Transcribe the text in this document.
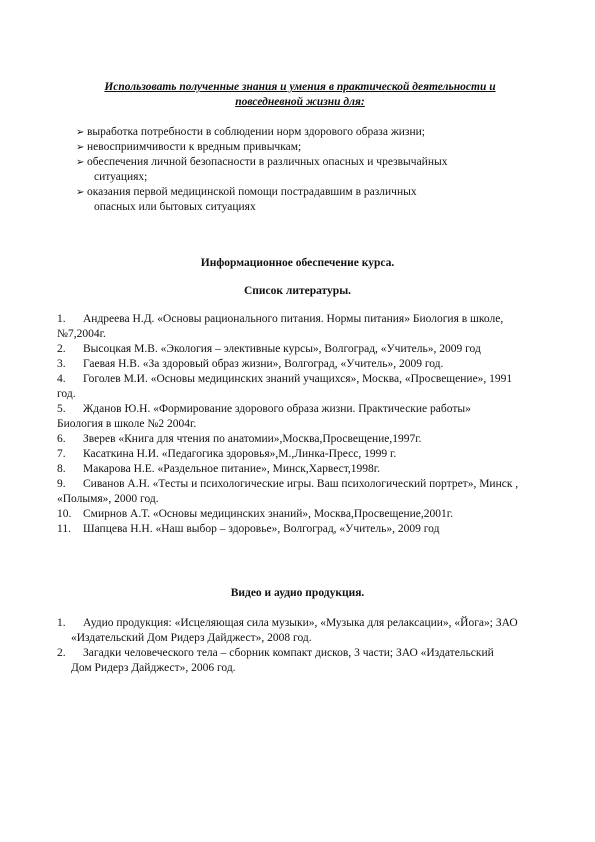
Использовать полученные знания и умения в практической деятельности и
повседневной жизни для:
➢ выработка потребности в соблюдении норм здорового образа жизни;
➢ невосприимчивости к вредным привычкам;
➢ обеспечения личной безопасности в различных опасных и чрезвычайных
ситуациях;
➢ оказания первой медицинской помощи пострадавшим в различных
опасных или бытовых ситуациях
Информационное обеспечение курса.
Список литературы.
1. Андреева Н.Д. «Основы рационального питания. Нормы питания» Биология в школе,
№7,2004г.
2. Высоцкая М.В. «Экология – элективные курсы», Волгоград, «Учитель», 2009 год
3. Гаевая Н.В. «За здоровый образ жизни», Волгоград, «Учитель», 2009 год.
4. Гоголев М.И. «Основы медицинских знаний учащихся», Москва, «Просвещение», 1991
год.
5. Жданов Ю.Н. «Формирование здорового образа жизни. Практические работы»
Биология в школе №2 2004г.
6. Зверев «Книга для чтения по анатомии»,Москва,Просвещение,1997г.
7. Касаткина Н.И. «Педагогика здоровья»,М.,Линка-Пресс, 1999 г.
8. Макарова Н.Е. «Раздельное питание», Минск,Харвест,1998г.
9. Сиванов А.Н. «Тесты и психологические игры. Ваш психологический портрет», Минск ,
«Полымя», 2000 год.
10. Смирнов А.Т. «Основы медицинских знаний», Москва,Просвещение,2001г.
11. Шапцева Н.Н. «Наш выбор – здоровье», Волгоград, «Учитель», 2009 год
Видео и аудио продукция.
1. Аудио продукция: «Исцеляющая сила музыки», «Музыка для релаксации», «Йога»; ЗАО
«Издательский Дом Ридерз Дайджест», 2008 год.
2. Загадки человеческого тела – сборник компакт дисков, 3 части; ЗАО «Издательский
Дом Ридерз Дайджест», 2006 год.
